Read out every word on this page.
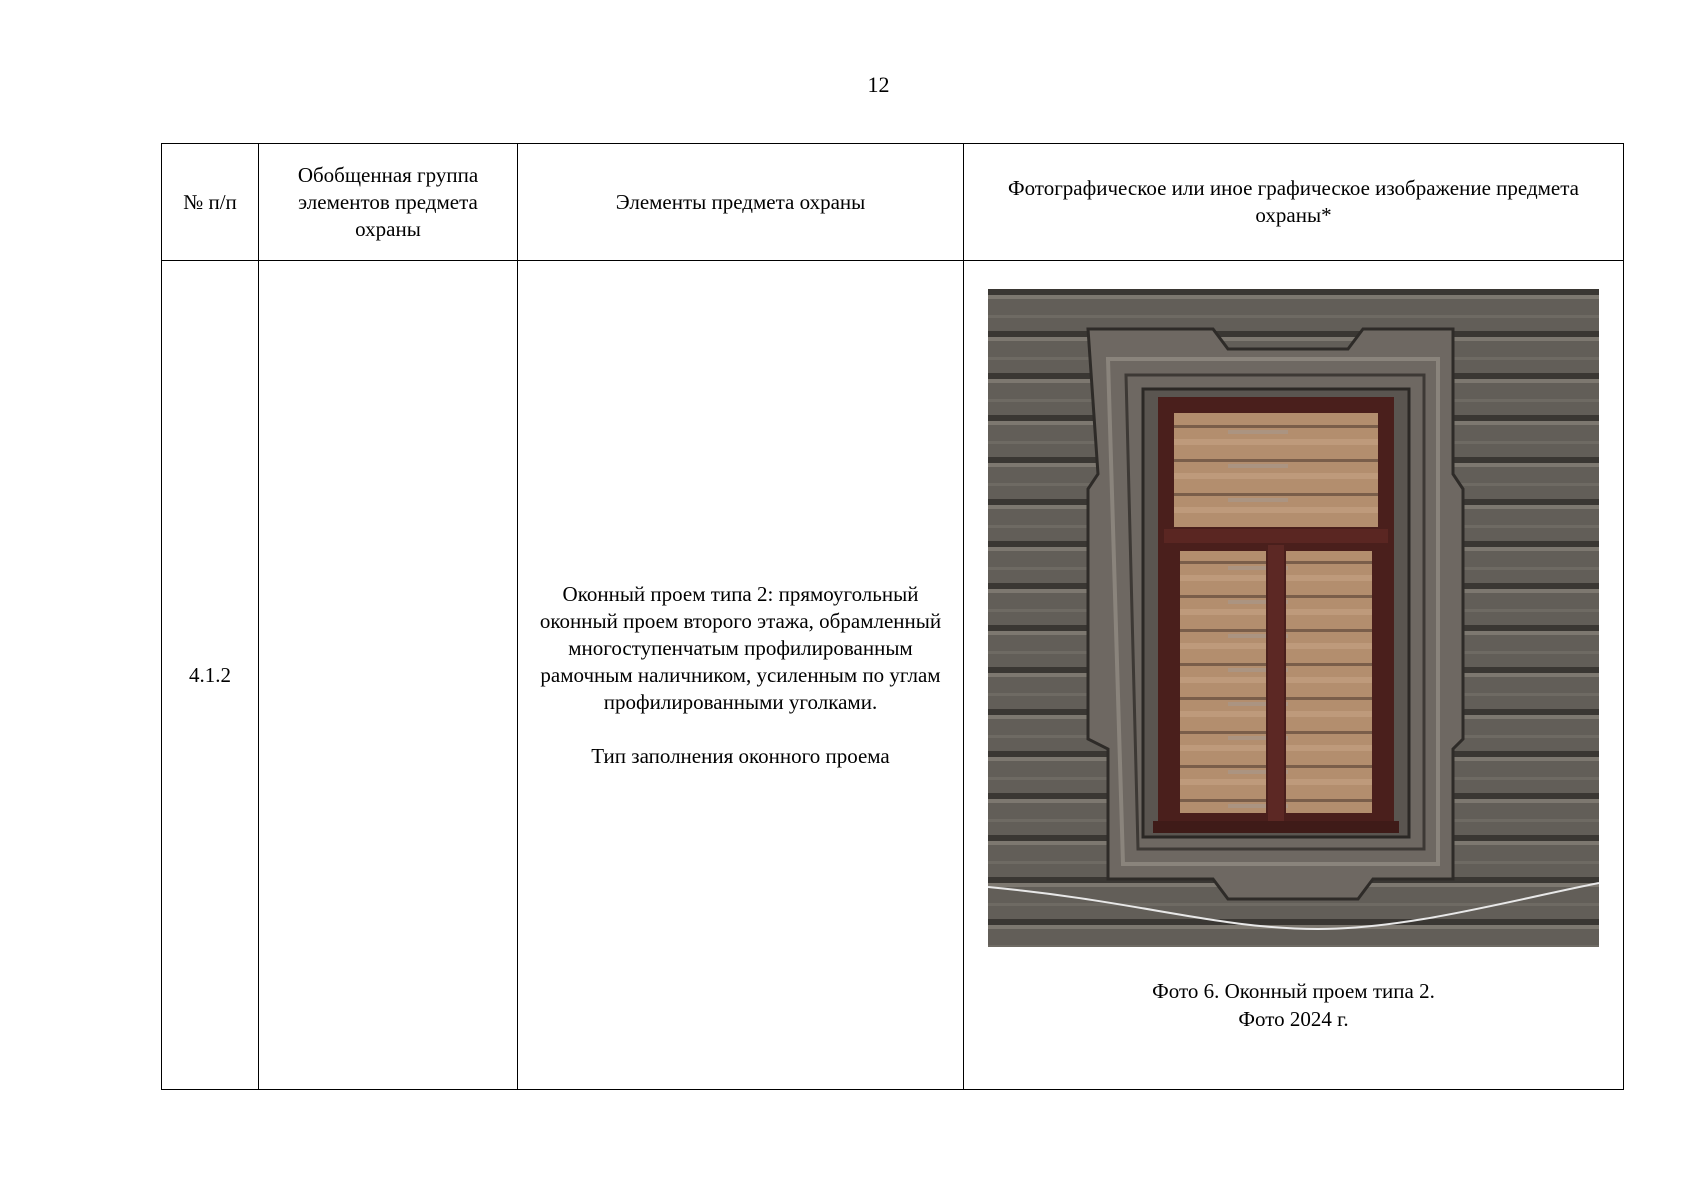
12
№ п/п	Обобщенная группа элементов предмета охраны	Элементы предмета охраны	Фотографическое или иное графическое изображение предмета охраны*
4.1.2		Оконный проем типа 2: прямоугольный оконный проем второго этажа, обрамленный многоступенчатым профилированным рамочным наличником, усиленным по углам профилированными уголками.

Тип заполнения оконного проема	Фото 6. Оконный проем типа 2.
Фото 2024 г.
